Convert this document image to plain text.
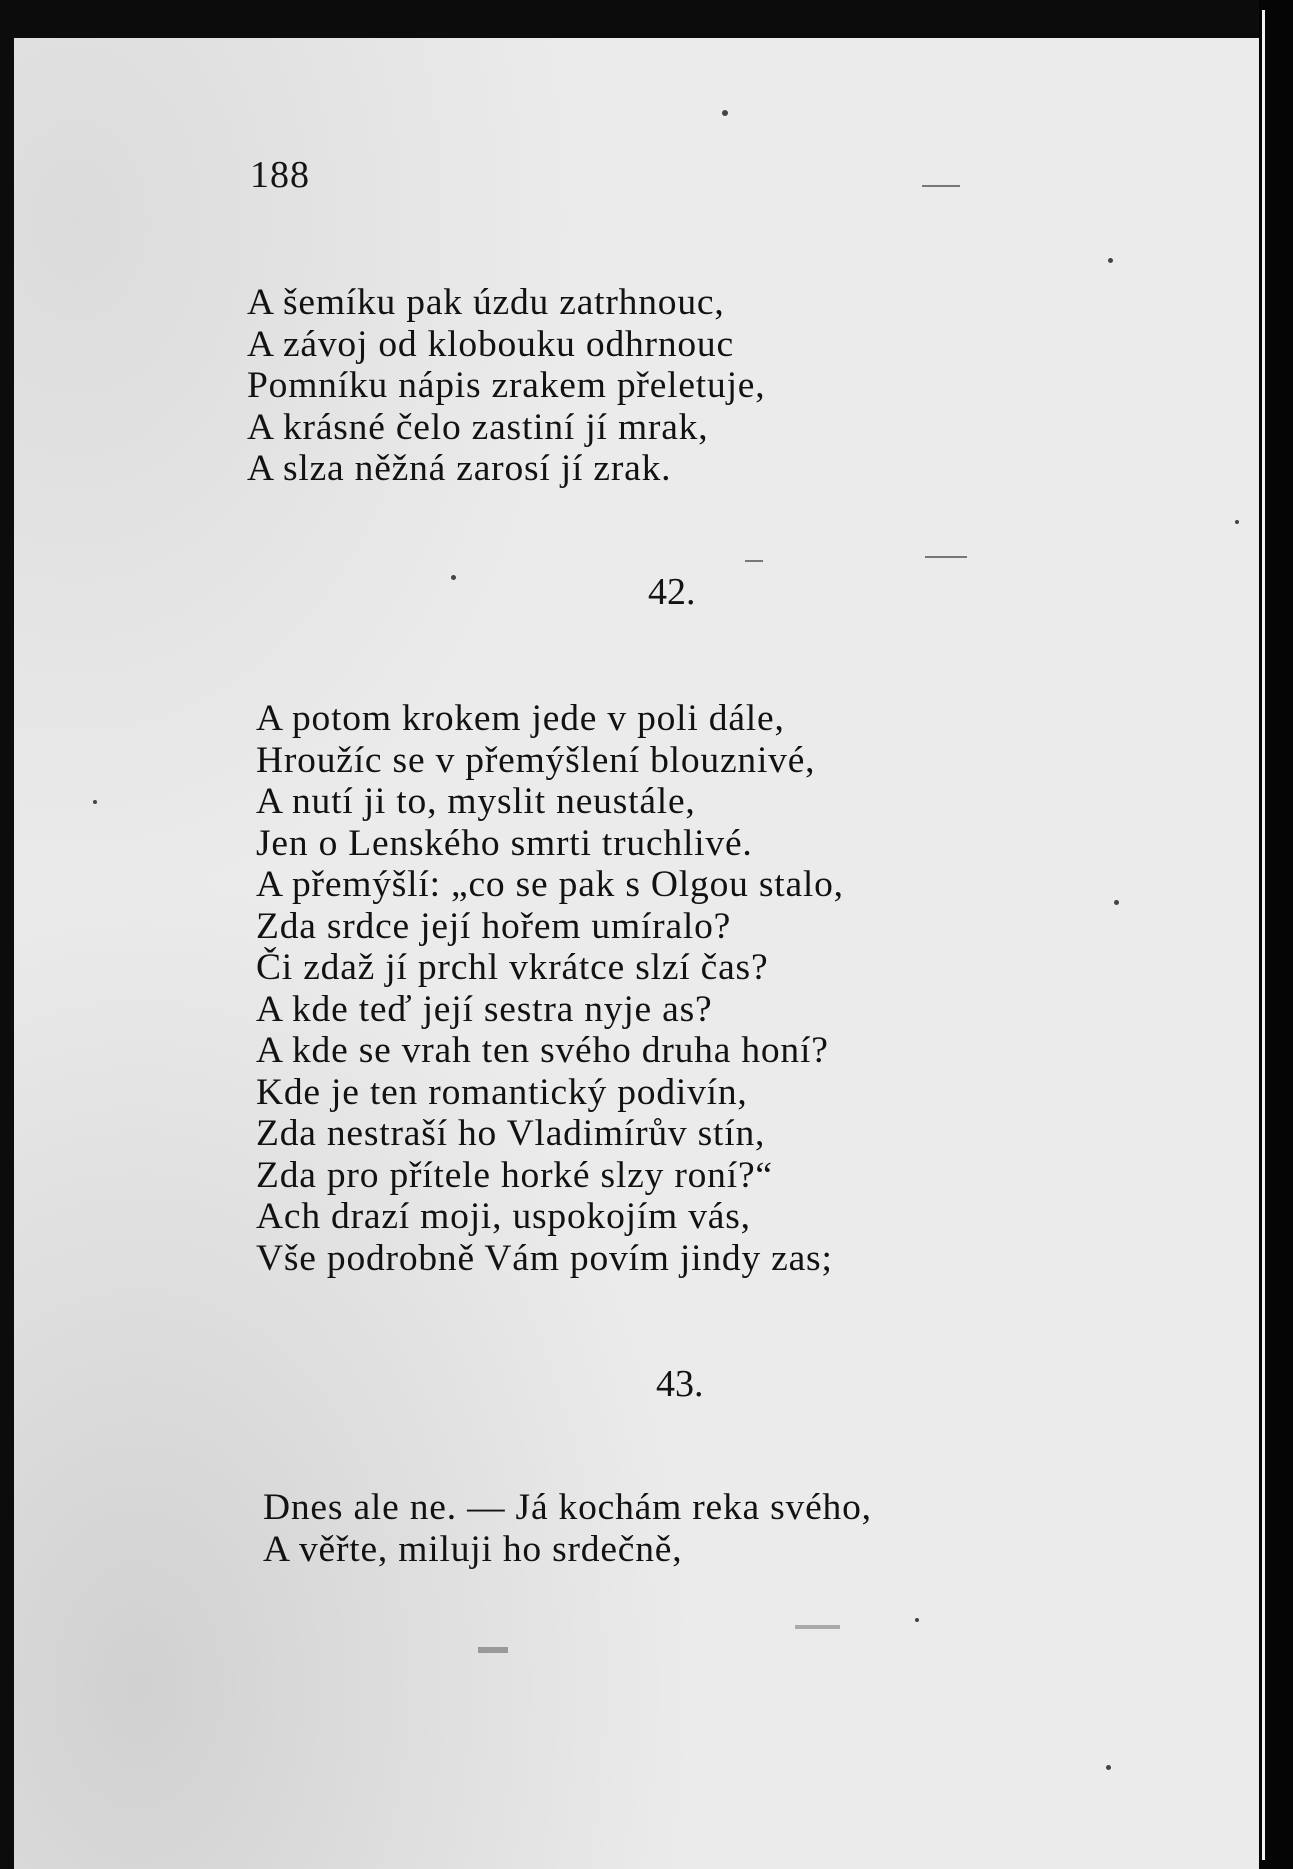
188
A šemíku pak úzdu zatrhnouc,
A závoj od klobouku odhrnouc
Pomníku nápis zrakem přeletuje,
A krásné čelo zastiní jí mrak,
A slza něžná zarosí jí zrak.
42.
A potom krokem jede v poli dále,
Hroužíc se v přemýšlení blouznivé,
A nutí ji to, myslit neustále,
Jen o Lenského smrti truchlivé.
A přemýšlí: „co se pak s Olgou stalo,
Zda srdce její hořem umíralo?
Či zdaž jí prchl vkrátce slzí čas?
A kde teď její sestra nyje as?
A kde se vrah ten svého druha honí?
Kde je ten romantický podivín,
Zda nestraší ho Vladimírův stín,
Zda pro přítele horké slzy roní?“
Ach drazí moji, uspokojím vás,
Vše podrobně Vám povím jindy zas;
43.
Dnes ale ne. — Já kochám reka svého,
A věřte, miluji ho srdečně,
